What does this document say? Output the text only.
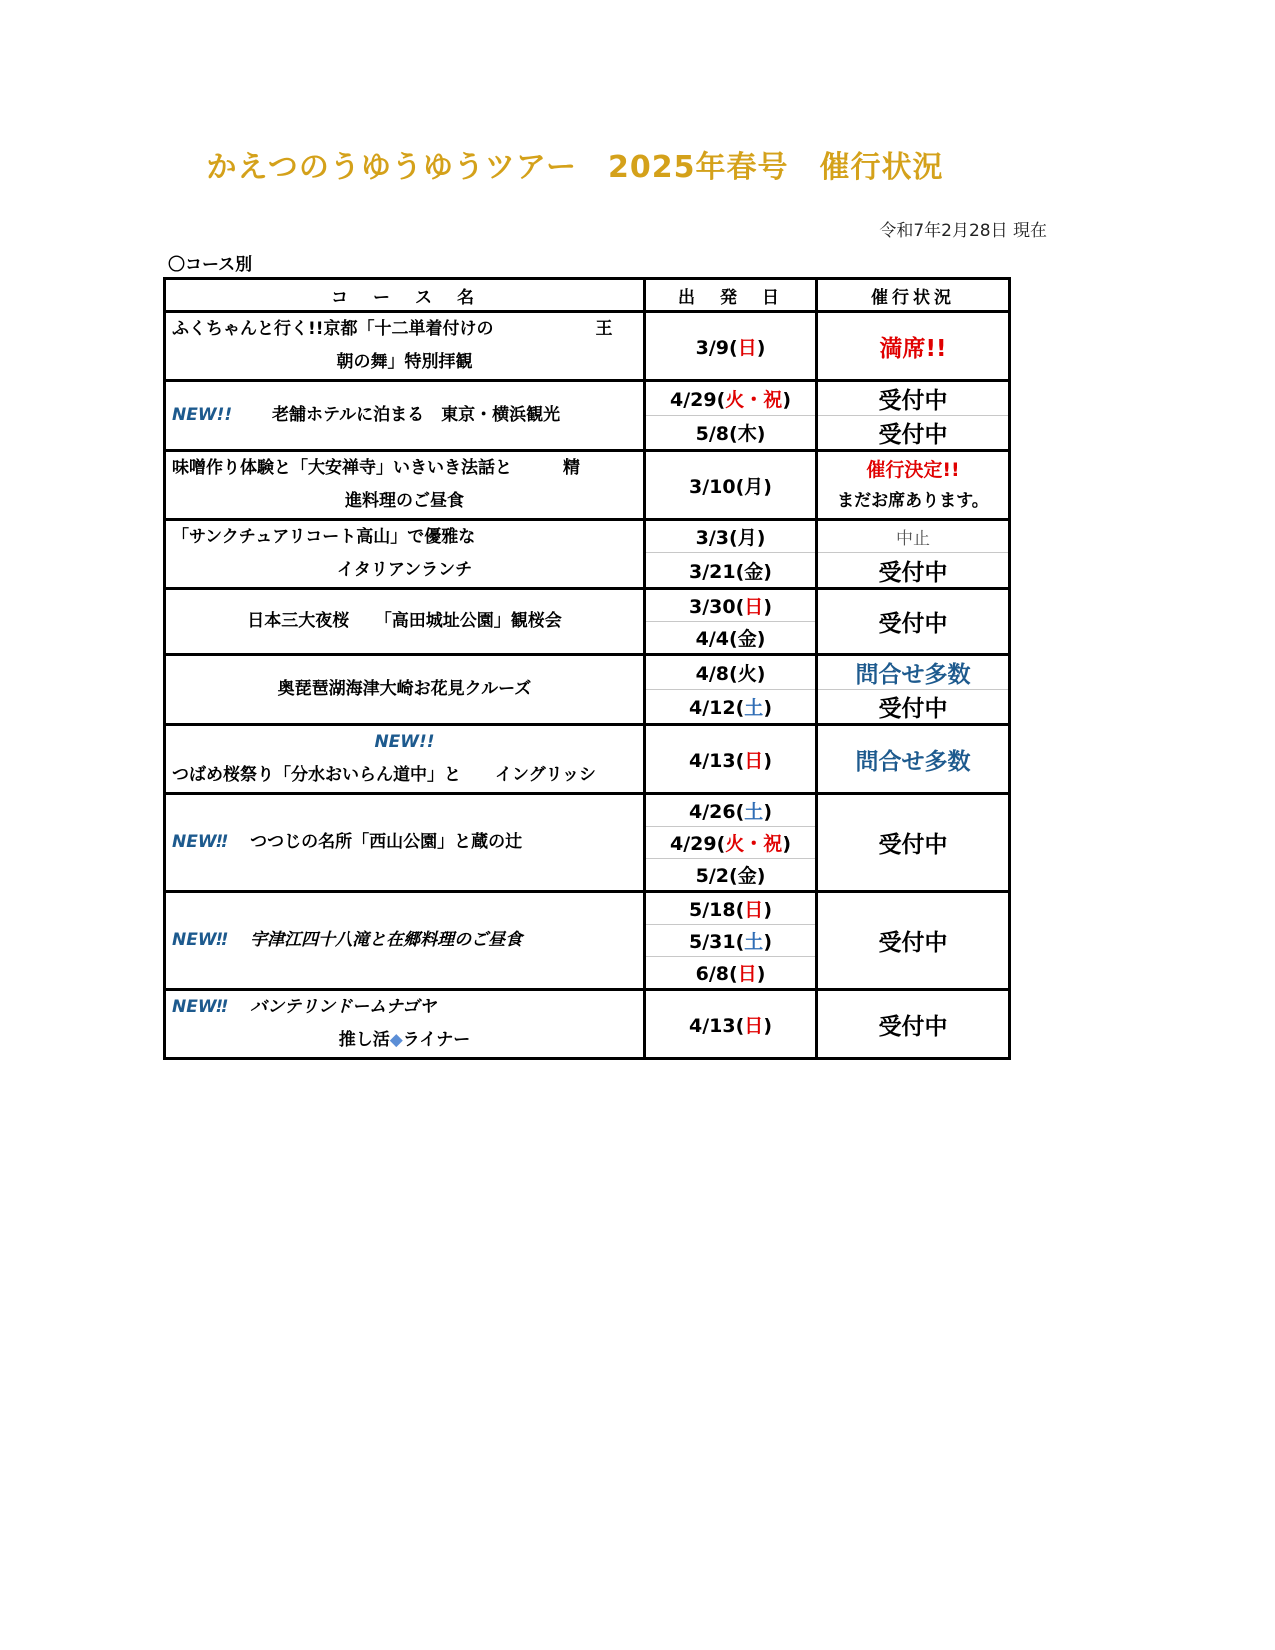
かえつのうゆうゆうツアー　2025年春号　催行状況
令和7年2月28日 現在
〇コース別
コ　ー　ス　名	出　発　日	催行状況
ふくちゃんと行く!!京都「十二単着付けの　　　　　　王

朝の舞」特別拝観	3/9(日)	満席!!
NEW!!　　 老舗ホテルに泊まる　東京・横浜観光	4/29(火・祝)	受付中
	5/8(木)	受付中
味噌作り体験と「大安禅寺」いきいき法話と　　　精

進料理のご昼食	3/10(月)	催行決定!!
まだお席あります。
「サンクチュアリコート高山」で優雅な

イタリアンランチ	3/3(月)	中止
	3/21(金)	受付中
日本三大夜桜　　「高田城址公園」観桜会	3/30(日)	受付中
	4/4(金)	
奥琵琶湖海津大崎お花見クルーズ	4/8(火)	問合せ多数
	4/12(土)	受付中

NEW!!
つばめ桜祭り「分水おいらん道中」と　　イングリッシ	4/13(日)	問合せ多数
NEW‼　 つつじの名所「西山公園」と蔵の辻	4/26(土)	受付中
	4/29(火・祝)	
	5/2(金)	
NEW‼　 宇津江四十八滝と在郷料理のご昼食	5/18(日)	受付中
	5/31(土)	
	6/8(日)	
NEW‼　 バンテリンドームナゴヤ

推し活◆ライナー	4/13(日)	受付中
